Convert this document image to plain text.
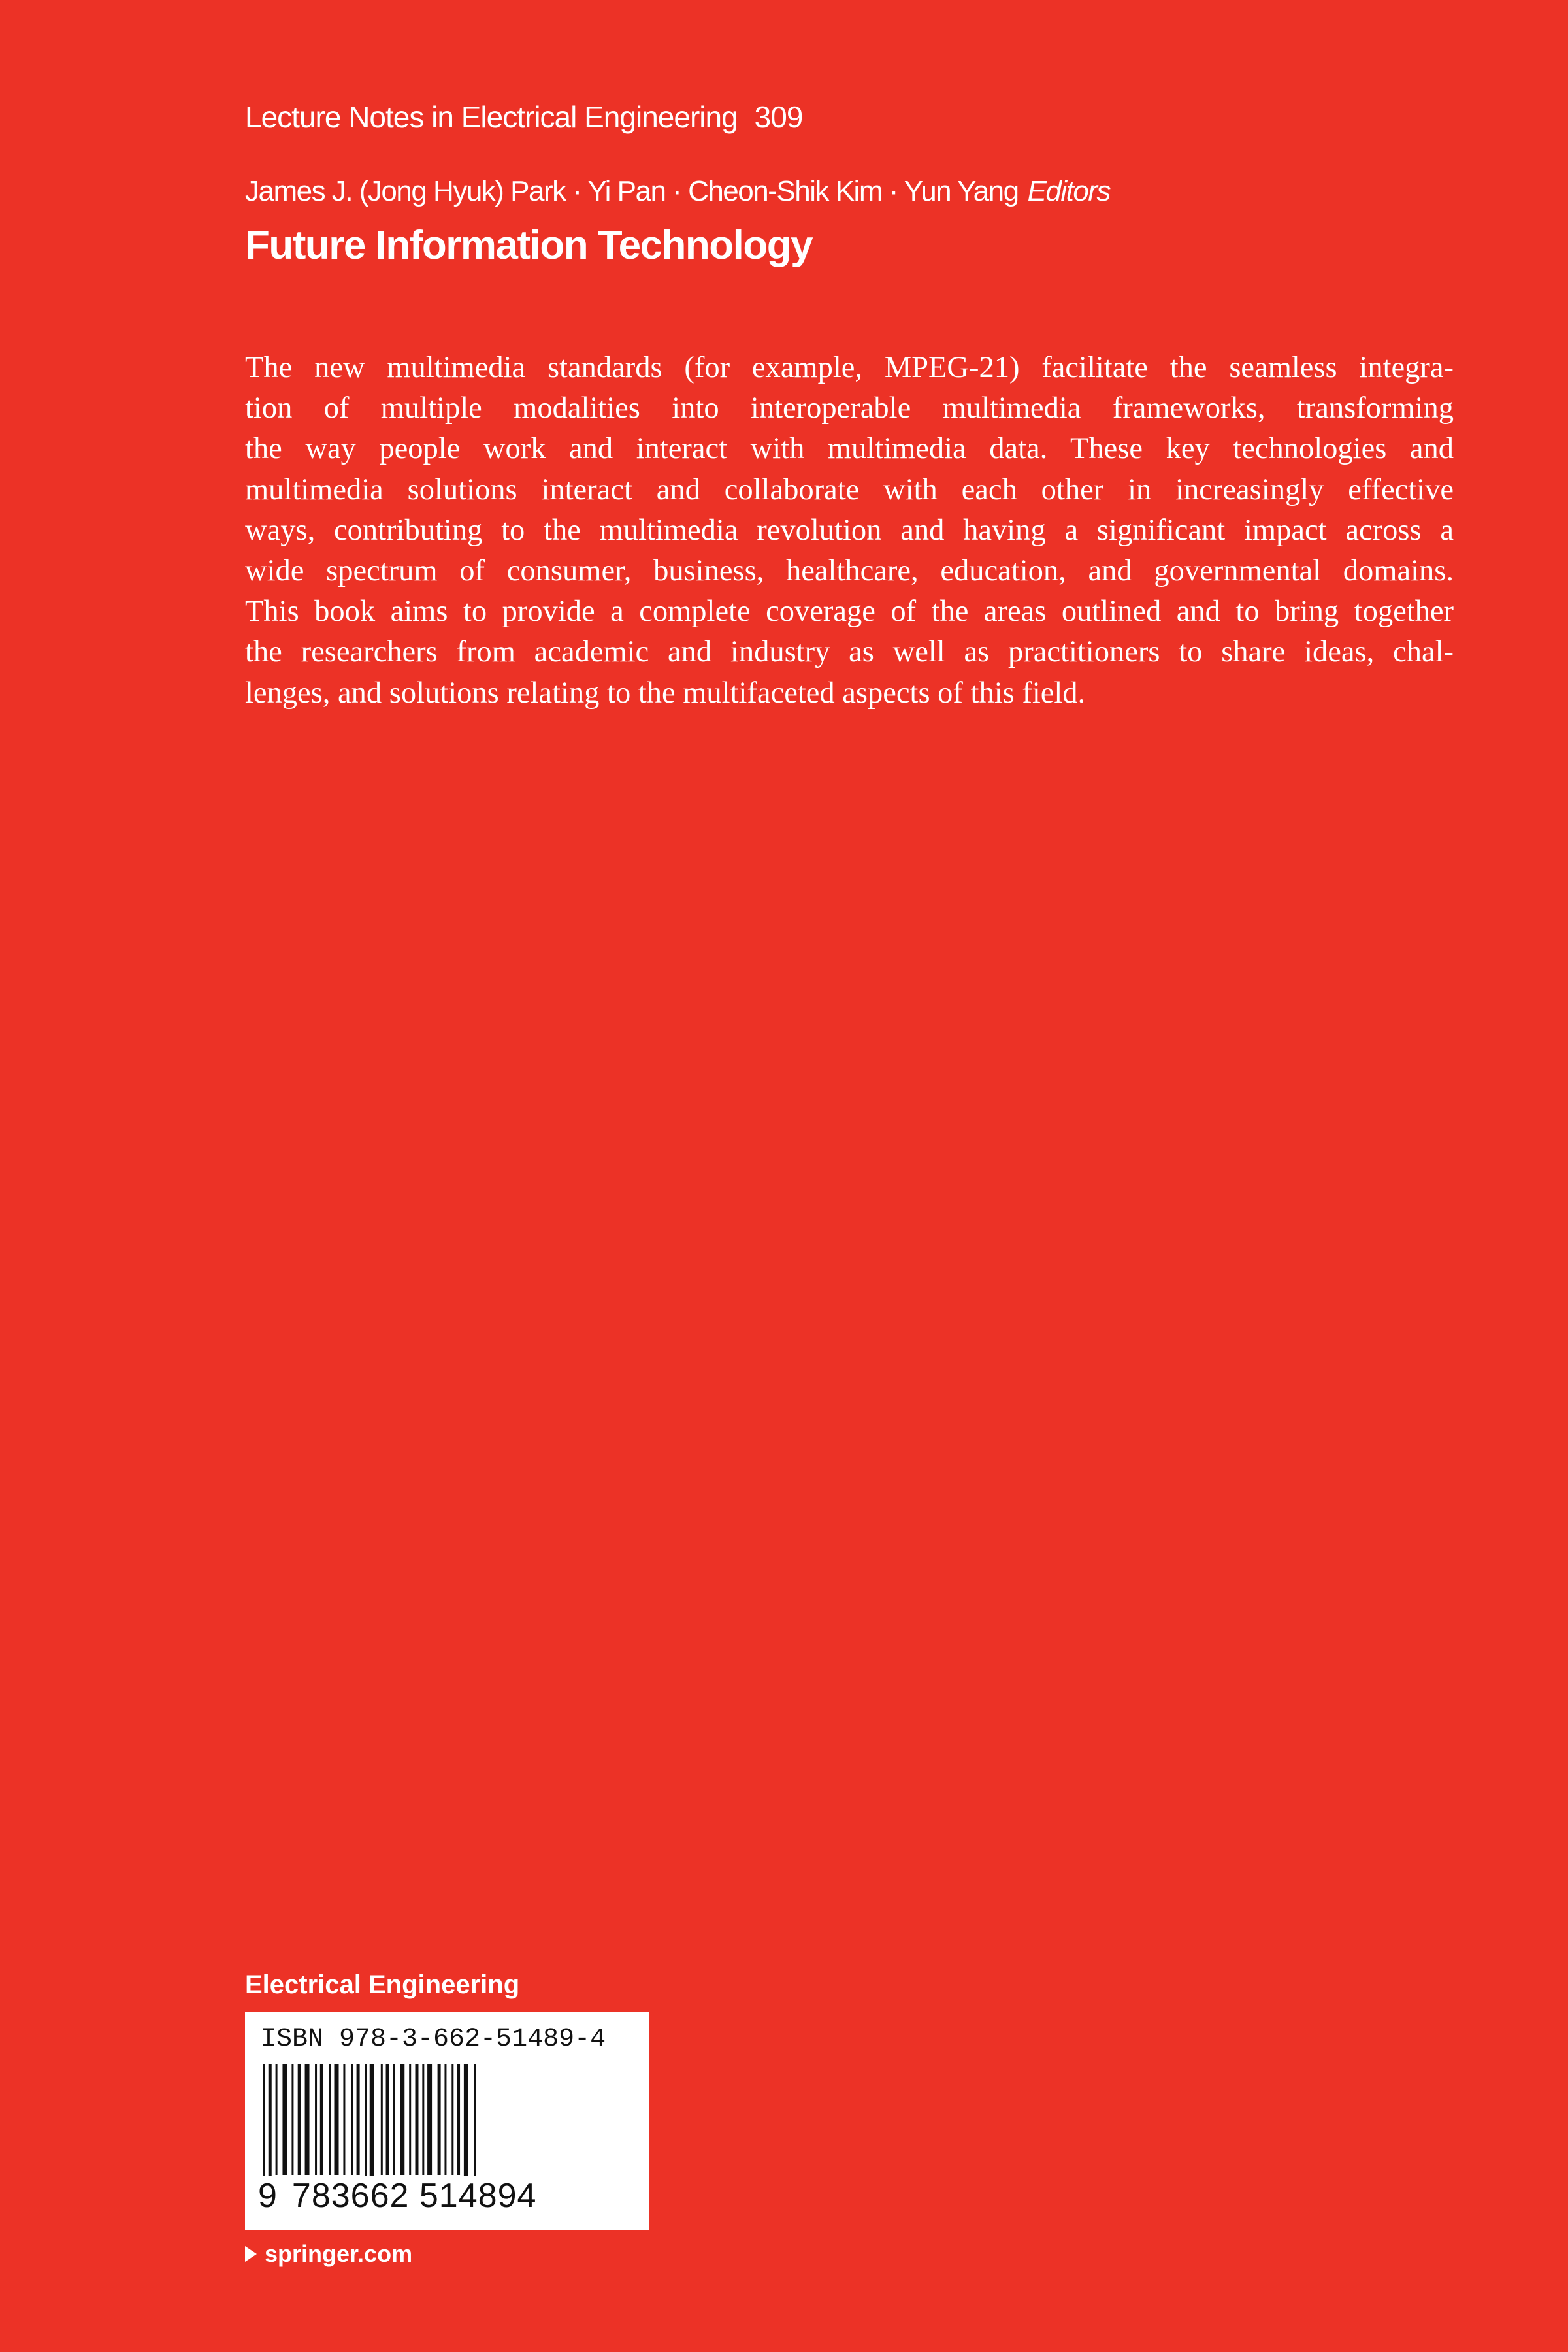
Lecture Notes in Electrical Engineering 309
James J. (Jong Hyuk) Park · Yi Pan · Cheon-Shik Kim · Yun Yang Editors
Future Information Technology
The new multimedia standards (for example, MPEG-21) facilitate the seamless integra-
tion of multiple modalities into interoperable multimedia frameworks, transforming
the way people work and interact with multimedia data. These key technologies and
multimedia solutions interact and collaborate with each other in increasingly effective
ways, contributing to the multimedia revolution and having a significant impact across a
wide spectrum of consumer, business, healthcare, education, and governmental domains.
This book aims to provide a complete coverage of the areas outlined and to bring together
the researchers from academic and industry as well as practitioners to share ideas, chal-
lenges, and solutions relating to the multifaceted aspects of this field.
Electrical Engineering
ISBN 978-3-662-51489-4
9 783662 514894
springer.com
